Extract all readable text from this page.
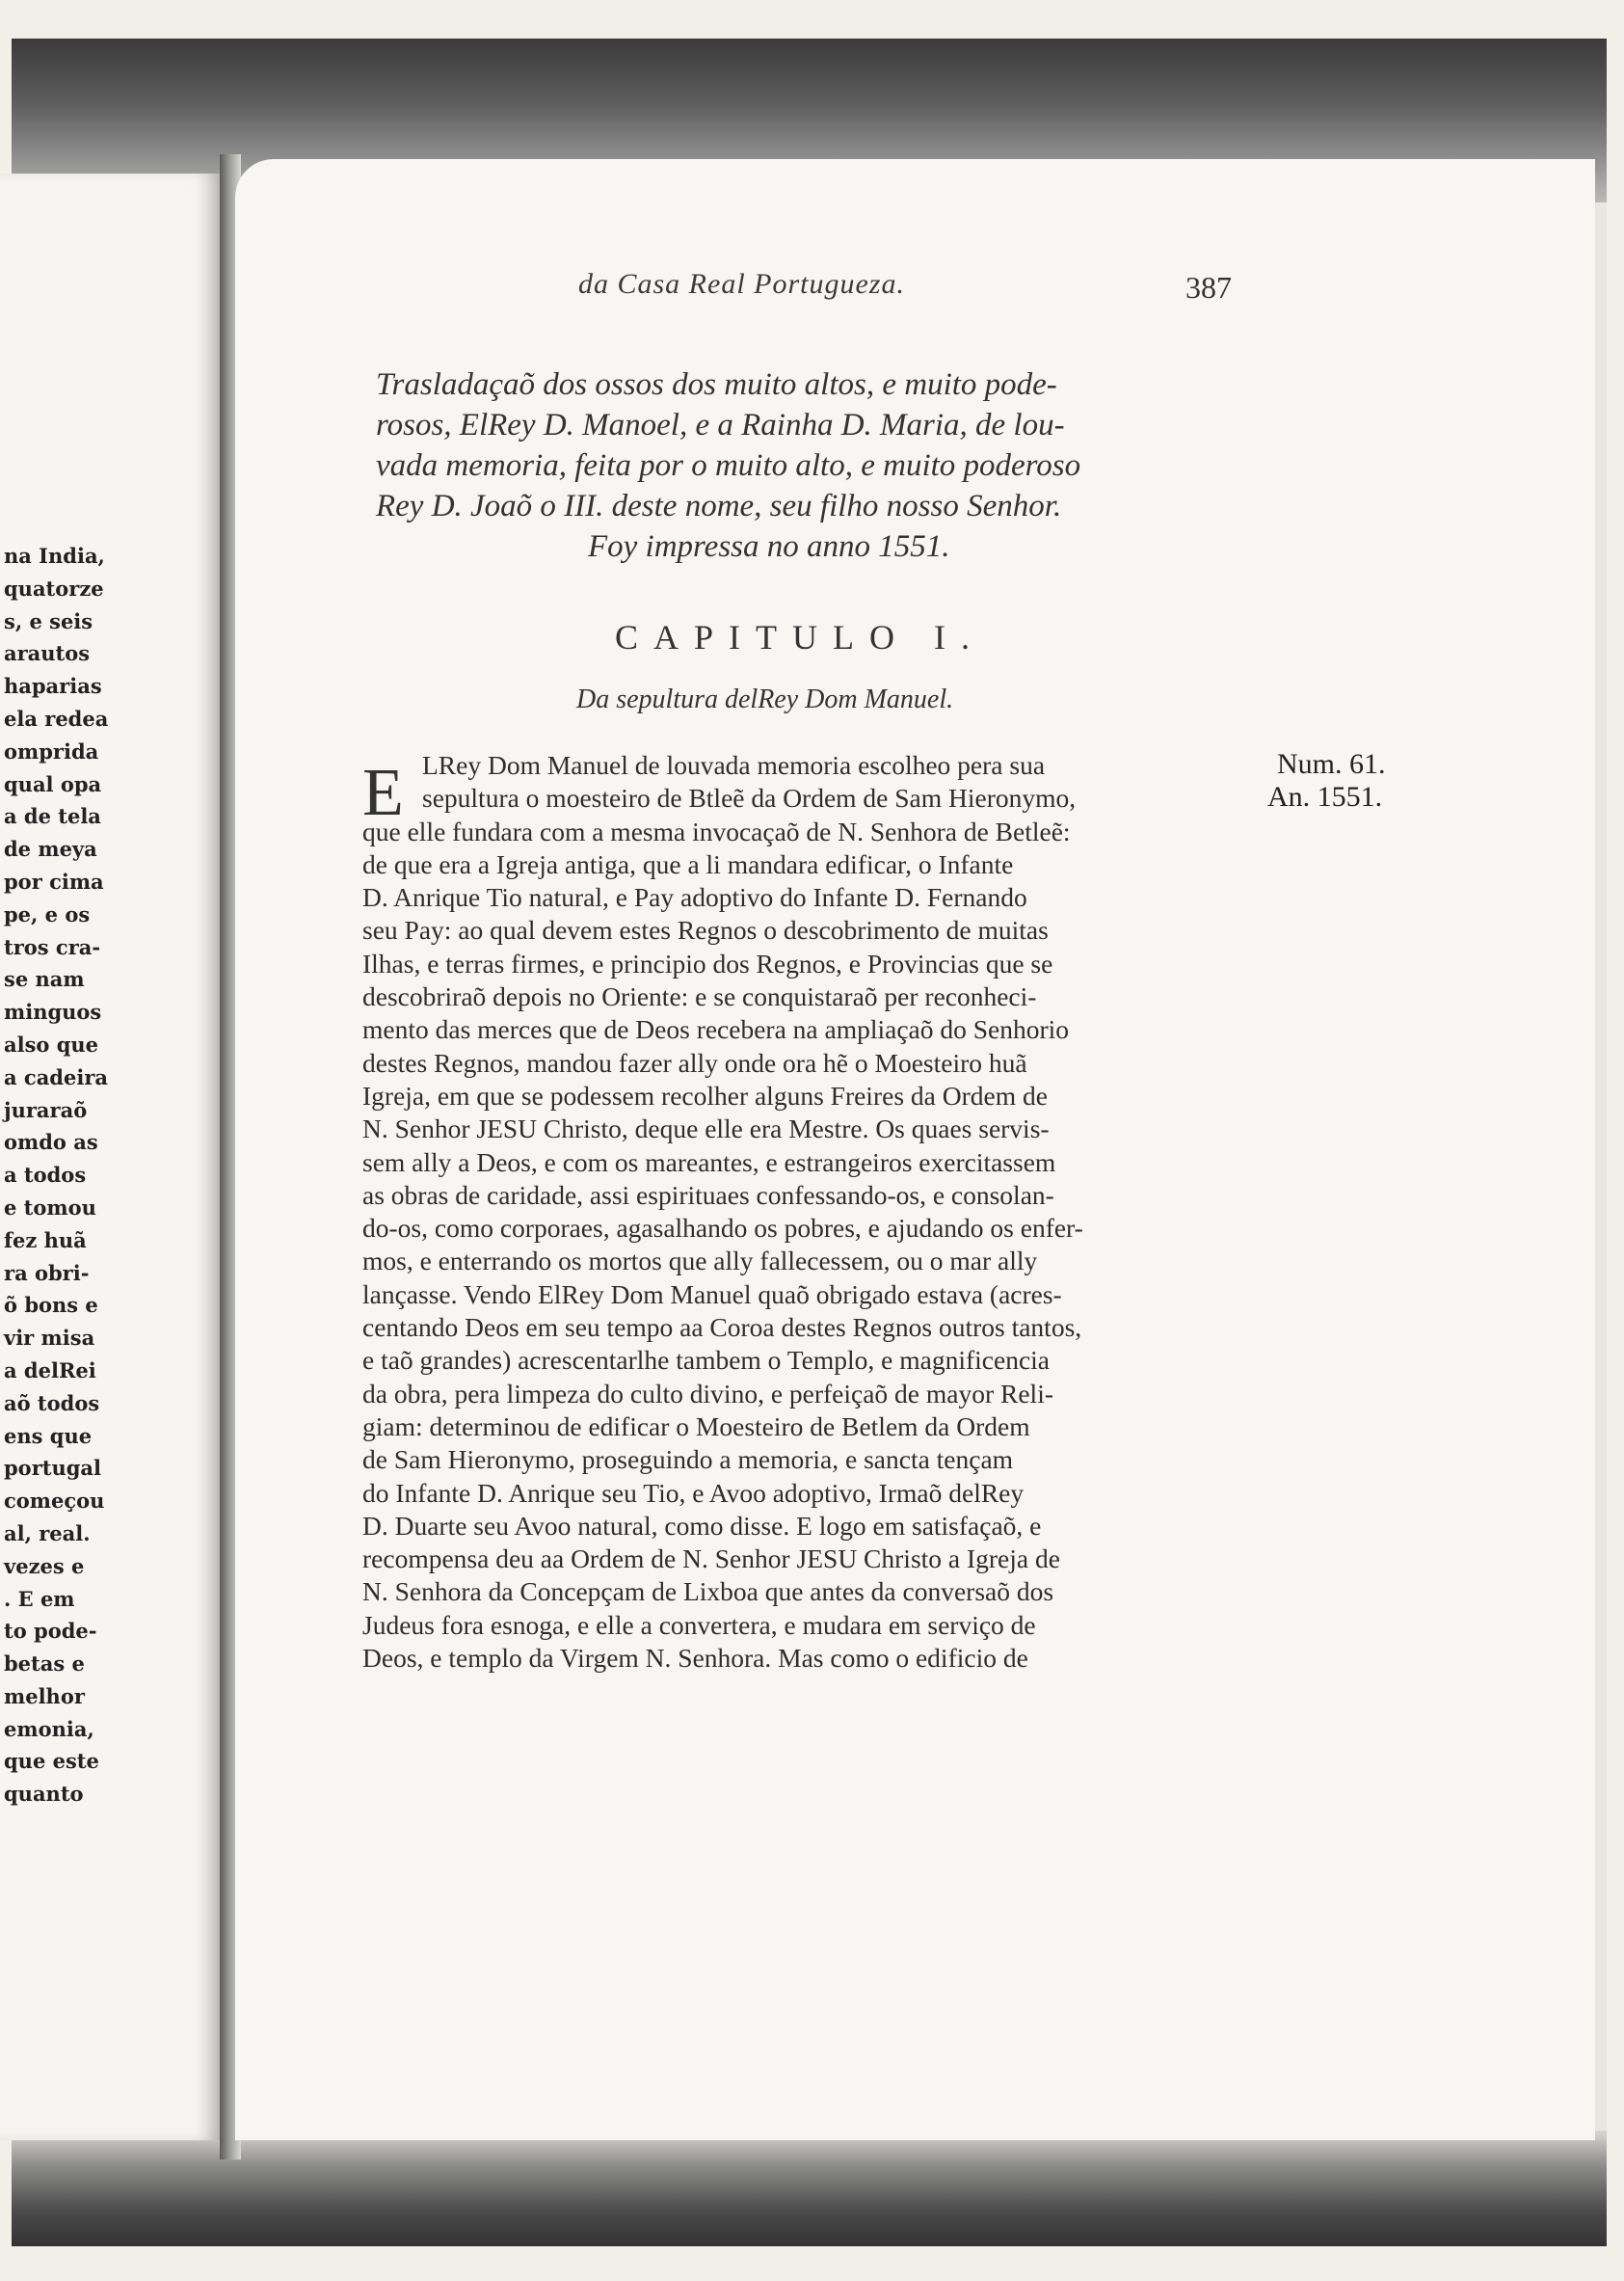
na India,
quatorze
s, e seis
arautos
haparias
ela redea
omprida
qual opa
a de tela
de meya
por cima
pe, e os
tros cra-
se nam
minguos
also que
a cadeira
juraraõ
omdo as
a todos
e tomou
fez huã
ra obri-
õ bons e
vir misa
a delRei
aõ todos
ens que
portugal
começou
al, real.
vezes e
. E em
to pode-
betas e
melhor
emonia,
que este
quanto
da Casa Real Portugueza.	387
Trasladaçaõ dos ossos dos muito altos, e muito pode-
rosos, ElRey D. Manoel, e a Rainha D. Maria, de lou-
vada memoria, feita por o muito alto, e muito poderoso
Rey D. Joaõ o III. deste nome, seu filho nosso Senhor.
Foy impressa no anno 1551.
CAPITULO I.
Da sepultura delRey Dom Manuel.
E LRey Dom Manuel de louvada memoria escolheo pera sua
sepultura o moesteiro de Btleẽ da Ordem de Sam Hieronymo,
que elle fundara com a mesma invocaçaõ de N. Senhora de Betleẽ:
de que era a Igreja antiga, que a li mandara edificar, o Infante
D. Anrique Tio natural, e Pay adoptivo do Infante D. Fernando
seu Pay: ao qual devem estes Regnos o descobrimento de muitas
Ilhas, e terras firmes, e principio dos Regnos, e Provincias que se
descobriraõ depois no Oriente: e se conquistaraõ per reconheci-
mento das merces que de Deos recebera na ampliaçaõ do Senhorio
destes Regnos, mandou fazer ally onde ora hẽ o Moesteiro huã
Igreja, em que se podessem recolher alguns Freires da Ordem de
N. Senhor JESU Christo, deque elle era Mestre. Os quaes servis-
sem ally a Deos, e com os mareantes, e estrangeiros exercitassem
as obras de caridade, assi espirituaes confessando-os, e consolan-
do-os, como corporaes, agasalhando os pobres, e ajudando os enfer-
mos, e enterrando os mortos que ally fallecessem, ou o mar ally
lançasse. Vendo ElRey Dom Manuel quaõ obrigado estava (acres-
centando Deos em seu tempo aa Coroa destes Regnos outros tantos,
e taõ grandes) acrescentarlhe tambem o Templo, e magnificencia
da obra, pera limpeza do culto divino, e perfeiçaõ de mayor Reli-
giam: determinou de edificar o Moesteiro de Betlem da Ordem
de Sam Hieronymo, proseguindo a memoria, e sancta tençam
do Infante D. Anrique seu Tio, e Avoo adoptivo, Irmaõ delRey
D. Duarte seu Avoo natural, como disse. E logo em satisfaçaõ, e
recompensa deu aa Ordem de N. Senhor JESU Christo a Igreja de
N. Senhora da Concepçam de Lixboa que antes da conversaõ dos
Judeus fora esnoga, e elle a convertera, e mudara em serviço de
Deos, e templo da Virgem N. Senhora. Mas como o edificio de
Num. 61.
An. 1551.
